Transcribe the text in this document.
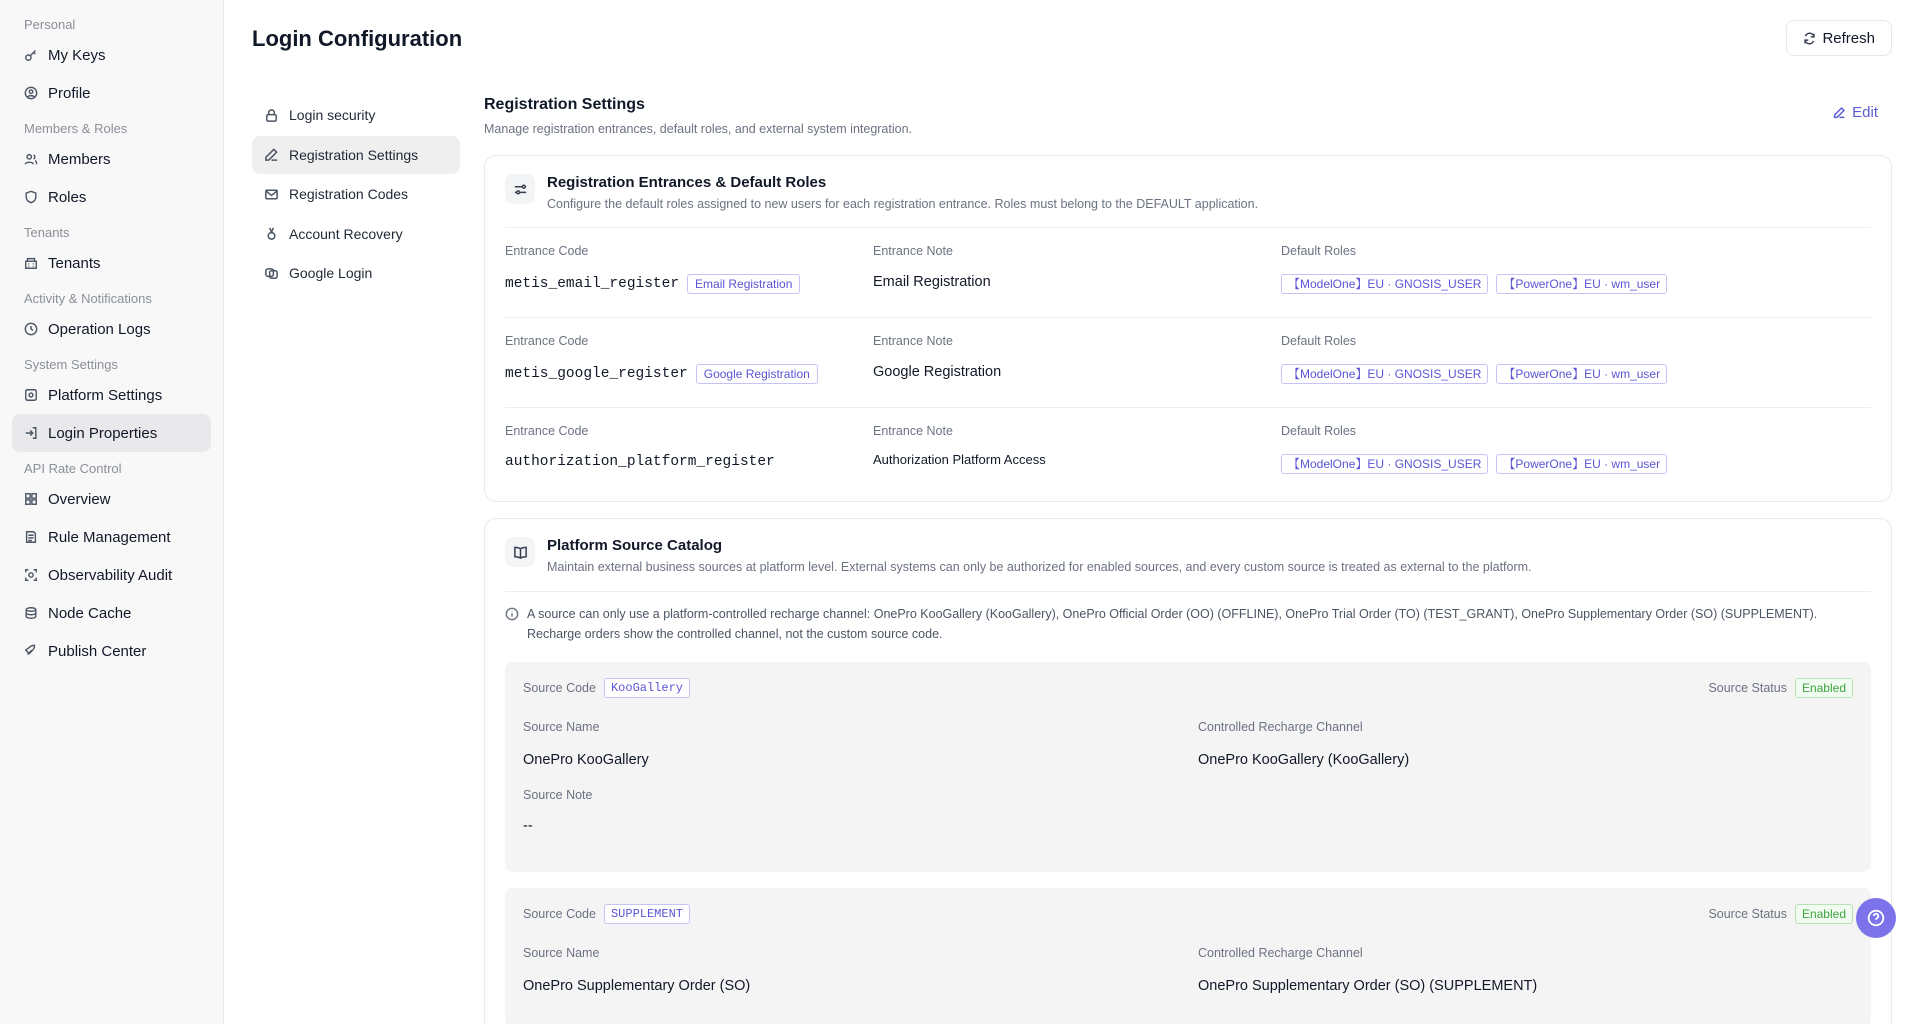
Personal
My Keys
Profile
Members & Roles
Members
Roles
Tenants
Tenants
Activity & Notifications
Operation Logs
System Settings
Platform Settings
Login Properties
API Rate Control
Overview
Rule Management
Observability Audit
Node Cache
Publish Center
Login Configuration	Refresh
Login security
Registration Settings
Registration Codes
Account Recovery
Google Login
Registration Settings
Manage registration entrances, default roles, and external system integration.
Edit
Registration Entrances & Default Roles
Configure the default roles assigned to new users for each registration entrance. Roles must belong to the DEFAULT application.
Entrance Code
metis_email_register	Email Registration
Entrance Note
Email Registration
Default Roles
【ModelOne】EU · GNOSIS_USER	【PowerOne】EU · wm_user
Entrance Code
metis_google_register	Google Registration
Entrance Note
Google Registration
Default Roles
【ModelOne】EU · GNOSIS_USER	【PowerOne】EU · wm_user
Entrance Code
authorization_platform_register
Entrance Note
Authorization Platform Access
Default Roles
【ModelOne】EU · GNOSIS_USER	【PowerOne】EU · wm_user
Platform Source Catalog
Maintain external business sources at platform level. External systems can only be authorized for enabled sources, and every custom source is treated as external to the platform.
A source can only use a platform-controlled recharge channel: OnePro KooGallery (KooGallery), OnePro Official Order (OO) (OFFLINE), OnePro Trial Order (TO) (TEST_GRANT), OnePro Supplementary Order (SO) (SUPPLEMENT).
Recharge orders show the controlled channel, not the custom source code.
Source Code	KooGallery	Source Status	Enabled
Source Name
OnePro KooGallery
Controlled Recharge Channel
OnePro KooGallery (KooGallery)
Source Note
--
Source Code	SUPPLEMENT	Source Status	Enabled
Source Name
OnePro Supplementary Order (SO)
Controlled Recharge Channel
OnePro Supplementary Order (SO) (SUPPLEMENT)
